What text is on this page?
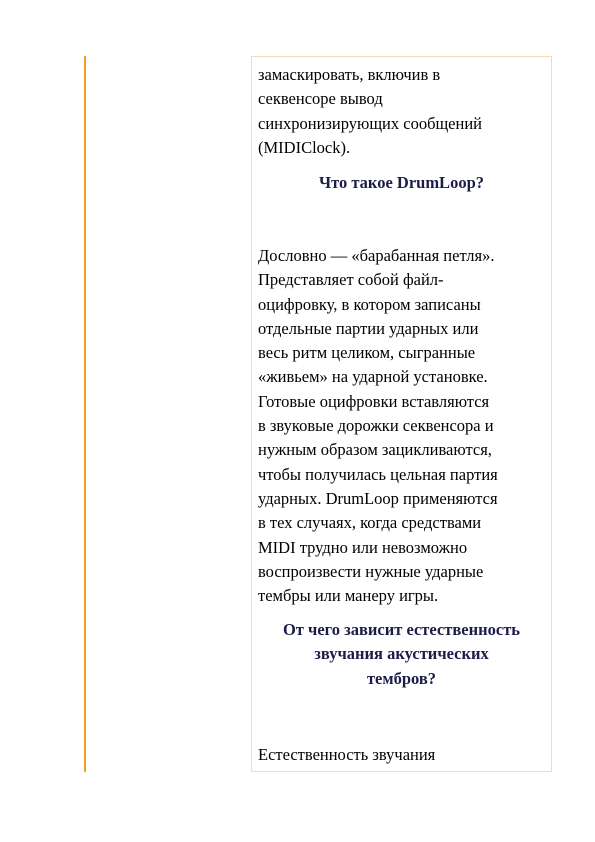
замаскировать, включив в
секвенсоре вывод
синхронизирующих сообщений
(MIDIClock).

Что такое DrumLoop?

Дословно — «барабанная петля».
Представляет собой файл-
оцифровку, в котором записаны
отдельные партии ударных или
весь ритм целиком, сыгранные
«живьем» на ударной установке.
Готовые оцифровки вставляются
в звуковые дорожки секвенсора и
нужным образом зацикливаются,
чтобы получилась цельная партия
ударных. DrumLoop применяются
в тех случаях, когда средствами
MIDI трудно или невозможно
воспроизвести нужные ударные
тембры или манеру игры.

От чего зависит естественность
звучания акустических
тембров?

Естественность звучания
